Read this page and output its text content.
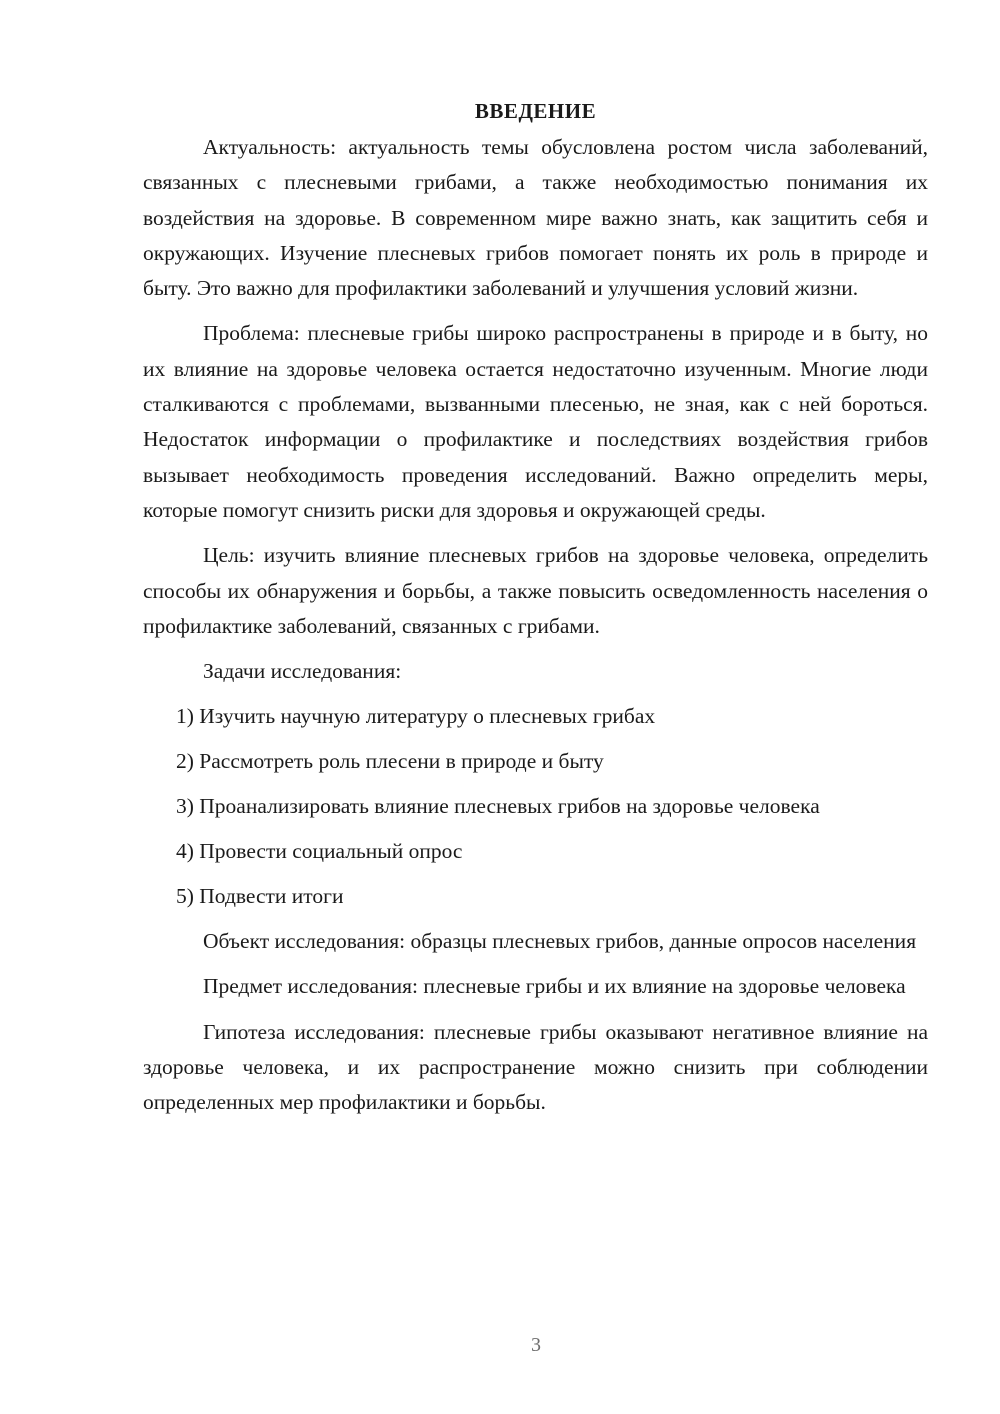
ВВЕДЕНИЕ

Актуальность: актуальность темы обусловлена ростом числа заболеваний, связанных с плесневыми грибами, а также необходимостью понимания их воздействия на здоровье. В современном мире важно знать, как защитить себя и окружающих. Изучение плесневых грибов помогает понять их роль в природе и быту. Это важно для профилактики заболеваний и улучшения условий жизни.

Проблема: плесневые грибы широко распространены в природе и в быту, но их влияние на здоровье человека остается недостаточно изученным. Многие люди сталкиваются с проблемами, вызванными плесенью, не зная, как с ней бороться. Недостаток информации о профилактике и последствиях воздействия грибов вызывает необходимость проведения исследований. Важно определить меры, которые помогут снизить риски для здоровья и окружающей среды.

Цель: изучить влияние плесневых грибов на здоровье человека, определить способы их обнаружения и борьбы, а также повысить осведомленность населения о профилактике заболеваний, связанных с грибами.

Задачи исследования:

1) Изучить научную литературу о плесневых грибах
2) Рассмотреть роль плесени в природе и быту
3) Проанализировать влияние плесневых грибов на здоровье человека
4) Провести социальный опрос
5) Подвести итоги

Объект исследования: образцы плесневых грибов, данные опросов населения

Предмет исследования: плесневые грибы и их влияние на здоровье человека

Гипотеза исследования: плесневые грибы оказывают негативное влияние на здоровье человека, и их распространение можно снизить при соблюдении определенных мер профилактики и борьбы.

3
